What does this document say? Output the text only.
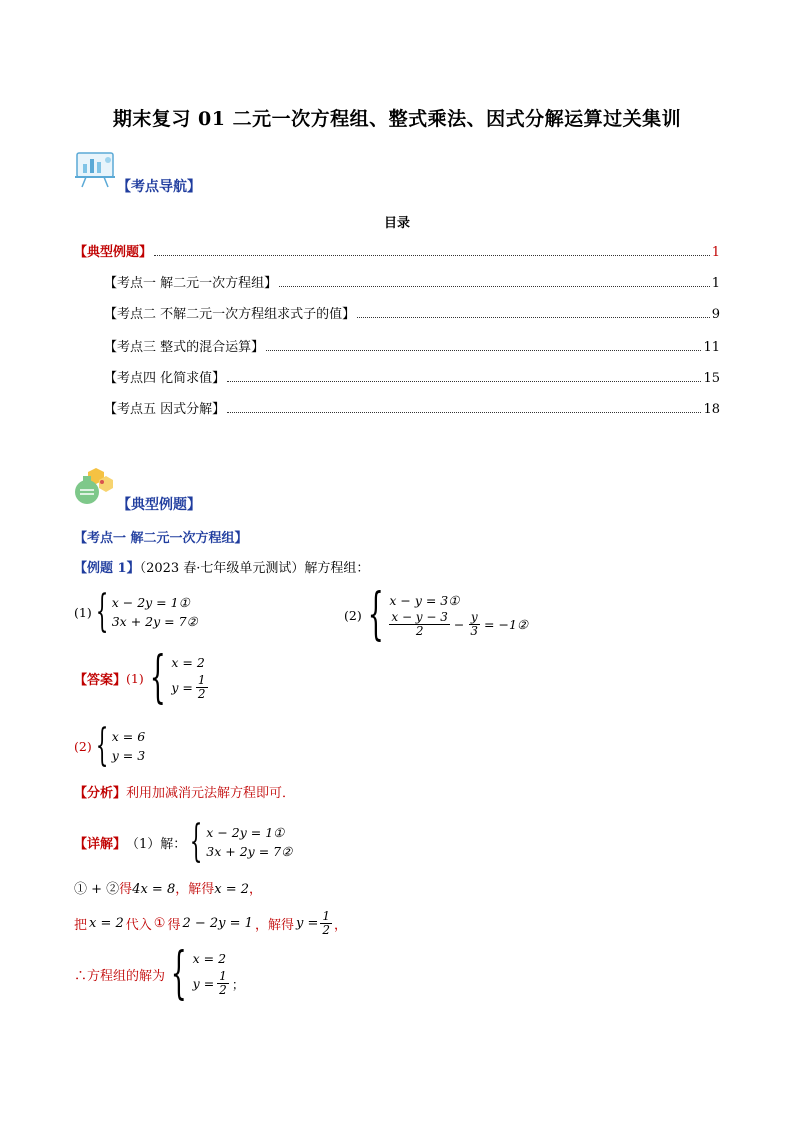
期末复习 01 二元一次方程组、整式乘法、因式分解运算过关集训
【考点导航】
目录
【典型例题】	1
【考点一 解二元一次方程组】	1
【考点二 不解二元一次方程组求式子的值】	9
【考点三 整式的混合运算】	11
【考点四 化简求值】	15
【考点五 因式分解】	18
【典型例题】
【考点一 解二元一次方程组】
【例题 1】（2023 春·七年级单元测试）解方程组：
(1) { x − 2y = 1①
3x + 2y = 7②	(2) { x − y = 3①
$\frac{x - y - 3}{2} - \frac{y}{3}$ = −1②
【答案】 (1) { x = 2
$y = \frac{1}{2}$
(2) { x = 6
y = 3
【分析】利用加减消元法解方程即可．
【详解】 （1）解： { x − 2y = 1①
3x + 2y = 7②
① + ②得4x = 8，解得x = 2，
把 x = 2 代入 ① 得 2 − 2y = 1 ，解得 $y = \frac{1}{2}$ ，
∴方程组的解为 { x = 2
$y = \frac{1}{2}$ ；
